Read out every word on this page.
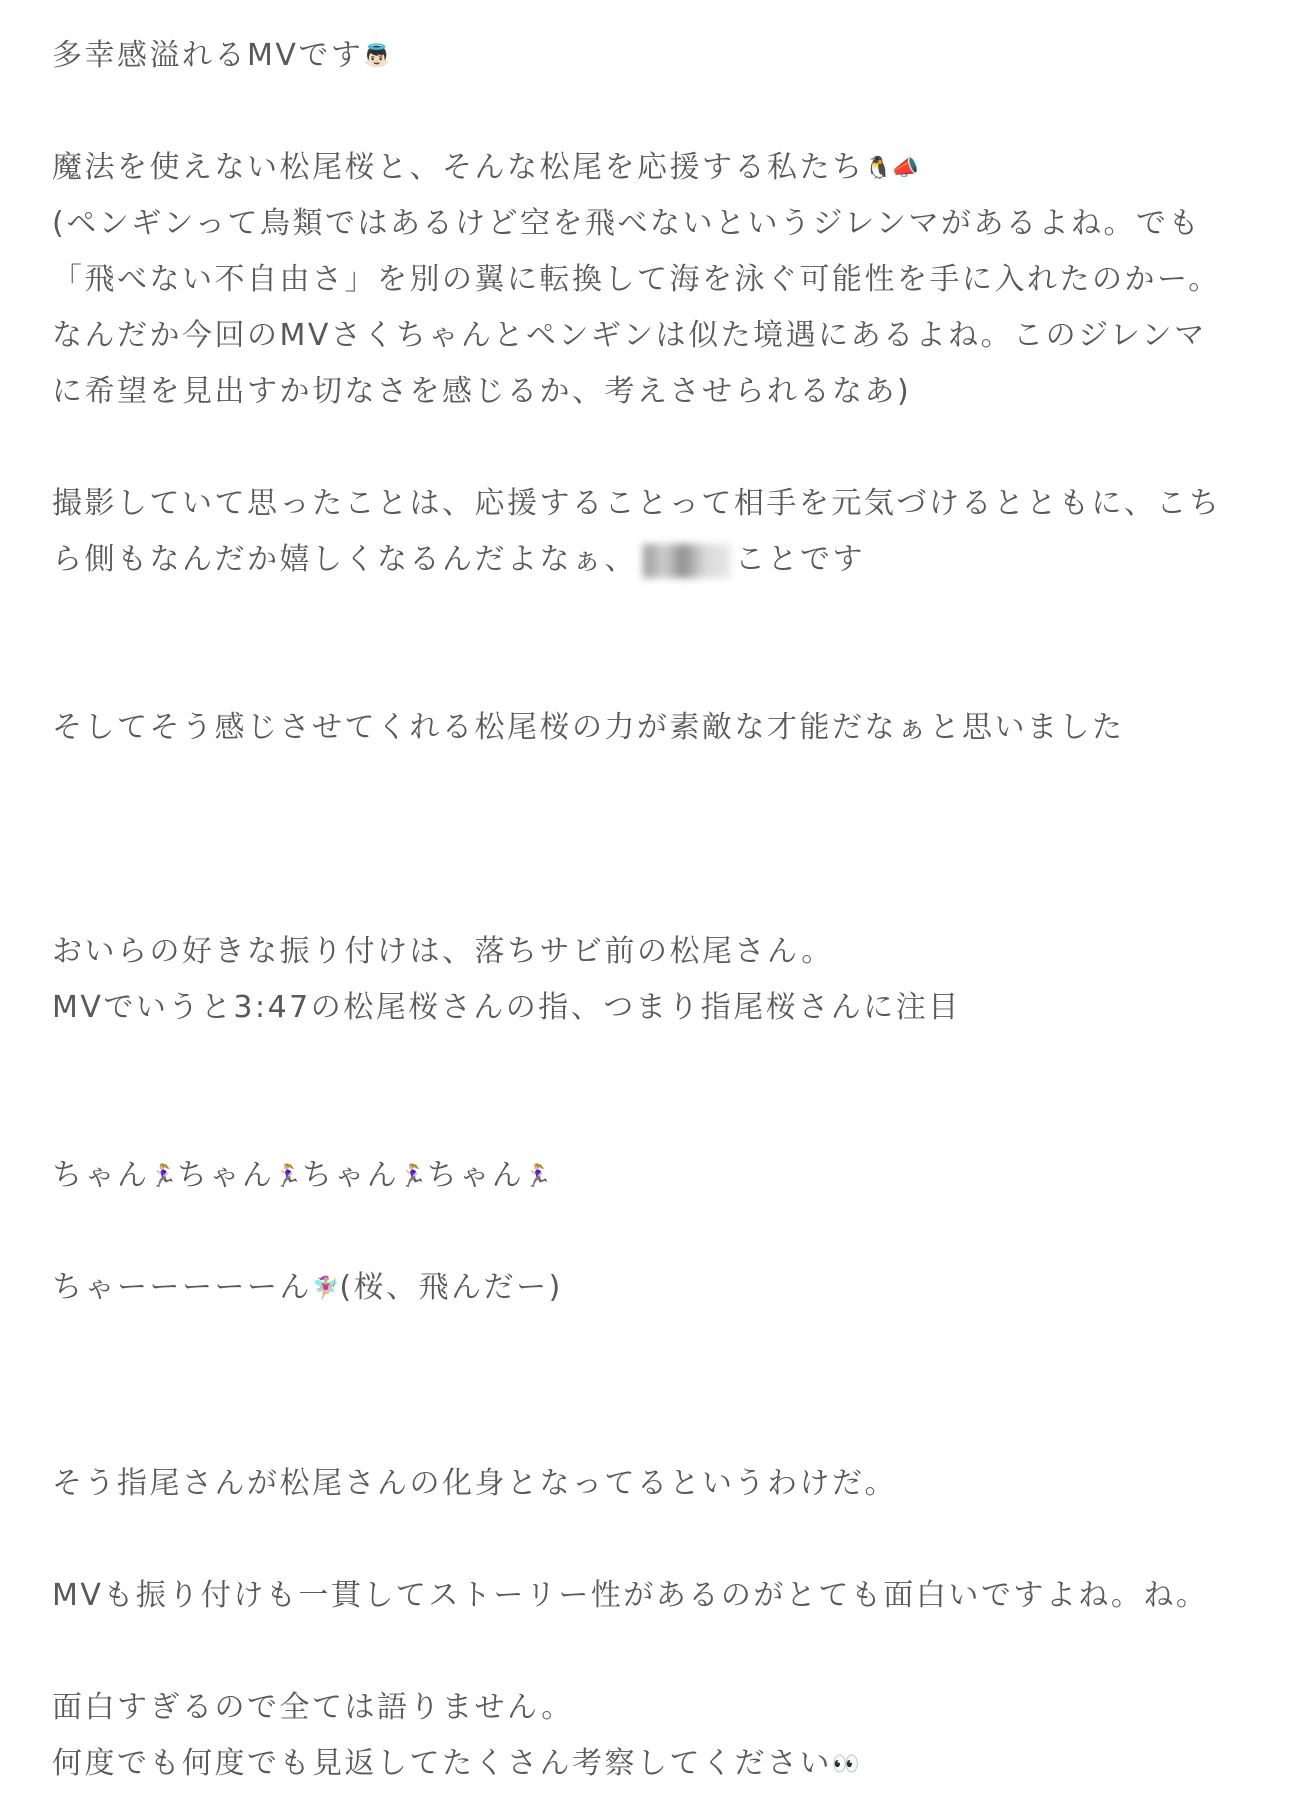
多幸感溢れるMVです👼🏻
魔法を使えない松尾桜と、そんな松尾を応援する私たち🐧📣
(ペンギンって鳥類ではあるけど空を飛べないというジレンマがあるよね。でも
「飛べない不自由さ」を別の翼に転換して海を泳ぐ可能性を手に入れたのかー。
なんだか今回のMVさくちゃんとペンギンは似た境遇にあるよね。このジレンマ
に希望を見出すか切なさを感じるか、考えさせられるなあ)
撮影していて思ったことは、応援することって相手を元気づけるとともに、こち
ら側もなんだか嬉しくなるんだよなぁ、	ことです
そしてそう感じさせてくれる松尾桜の力が素敵な才能だなぁと思いました
おいらの好きな振り付けは、落ちサビ前の松尾さん。
MVでいうと3:47の松尾桜さんの指、つまり指尾桜さんに注目
ちゃん🏃🏼‍♀️ちゃん🏃🏼‍♀️ちゃん🏃🏼‍♀️ちゃん🏃🏼‍♀️
ちゃーーーーーん🧚🏼‍♀️(桜、飛んだー)
そう指尾さんが松尾さんの化身となってるというわけだ。
MVも振り付けも一貫してストーリー性があるのがとても面白いですよね。ね。
面白すぎるので全ては語りません。
何度でも何度でも見返してたくさん考察してください👀
